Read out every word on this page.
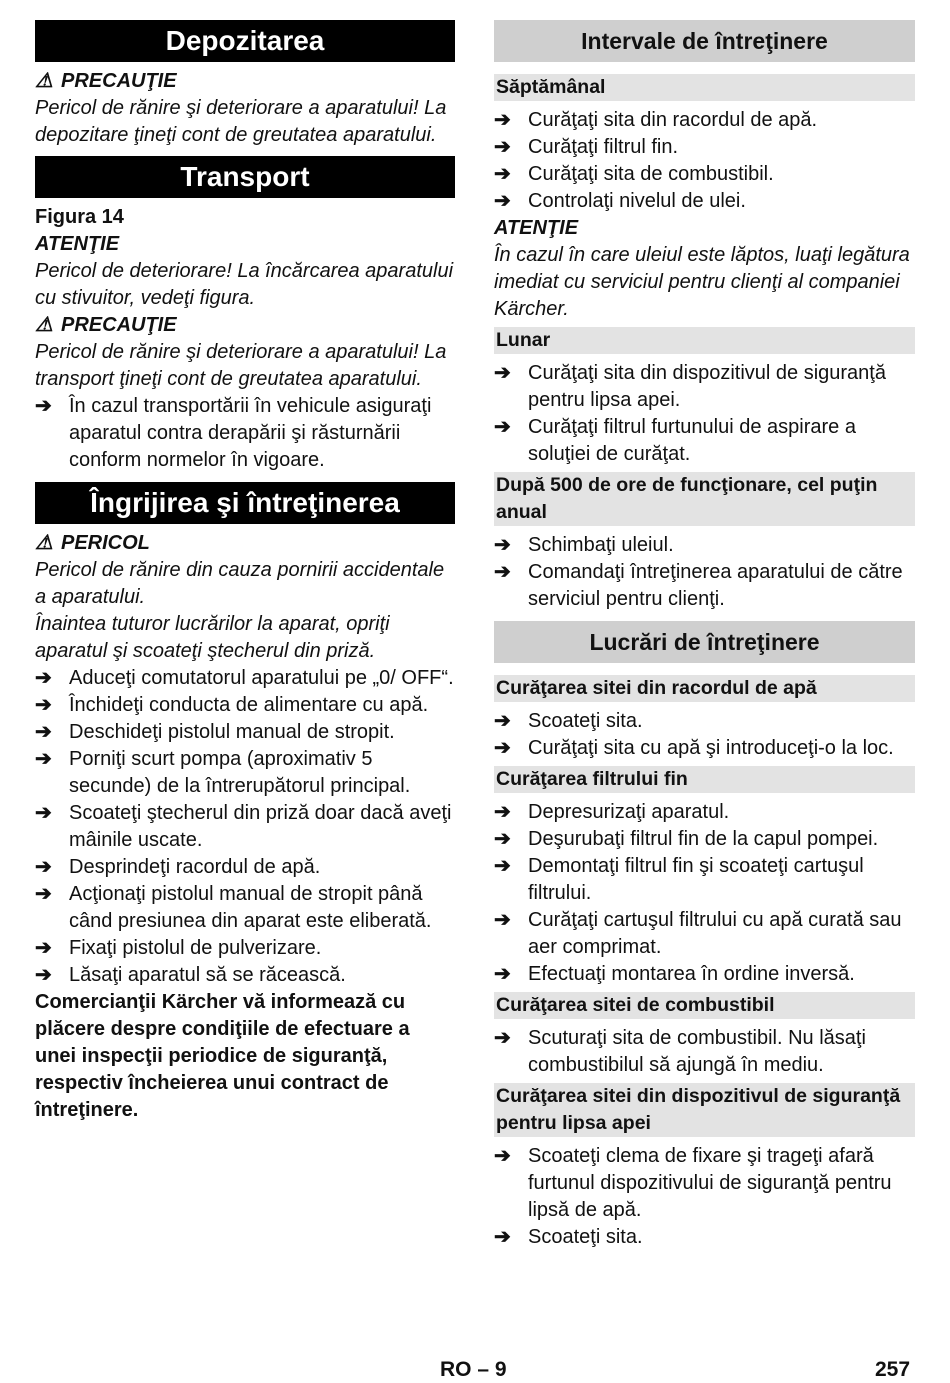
Depozitarea
⚠ PRECAUŢIE

Pericol de rănire şi deteriorare a aparatului! La depozitare ţineţi cont de greutatea aparatului.

Transport

Figura 14

ATENŢIE

Pericol de deteriorare! La încărcarea aparatului cu stivuitor, vedeţi figura.

⚠ PRECAUŢIE

Pericol de rănire şi deteriorare a aparatului! La transport ţineţi cont de greutatea aparatului.

➔ În cazul transportării în vehicule asiguraţi aparatul contra derapării şi răsturnării conform normelor în vigoare.
Îngrijirea şi întreţinerea
⚠ PERICOL

Pericol de rănire din cauza pornirii accidentale a aparatului.

Înaintea tuturor lucrărilor la aparat, opriţi aparatul şi scoateţi ştecherul din priză.

➔ Aduceţi comutatorul aparatului pe „0/ OFF“.
➔ Închideţi conducta de alimentare cu apă.
➔ Deschideţi pistolul manual de stropit.
➔ Porniţi scurt pompa (aproximativ 5 secunde) de la întrerupătorul principal.
➔ Scoateţi ştecherul din priză doar dacă aveţi mâinile uscate.
➔ Desprindeţi racordul de apă.
➔ Acţionaţi pistolul manual de stropit până când presiunea din aparat este eliberată.
➔ Fixaţi pistolul de pulverizare.
➔ Lăsaţi aparatul să se răcească.

Comercianţii Kärcher vă informează cu plăcere despre condiţiile de efectuare a unei inspecţii periodice de siguranţă, respectiv încheierea unui contract de întreţinere.

Intervale de întreţinere
Săptămânal
➔ Curăţaţi sita din racordul de apă.
➔ Curăţaţi filtrul fin.
➔ Curăţaţi sita de combustibil.
➔ Controlaţi nivelul de ulei.

ATENŢIE

În cazul în care uleiul este lăptos, luaţi legătura imediat cu serviciul pentru clienţi al companiei Kärcher.

Lunar
➔ Curăţaţi sita din dispozitivul de siguranţă pentru lipsa apei.
➔ Curăţaţi filtrul furtunului de aspirare a soluţiei de curăţat.
După 500 de ore de funcţionare, cel puţin anual
➔ Schimbaţi uleiul.
➔ Comandaţi întreţinerea aparatului de către serviciul pentru clienţi.
Lucrări de întreţinere
Curăţarea sitei din racordul de apă
➔ Scoateţi sita.
➔ Curăţaţi sita cu apă şi introduceţi-o la loc.
Curăţarea filtrului fin
➔ Depresurizaţi aparatul.
➔ Deşurubaţi filtrul fin de la capul pompei.
➔ Demontaţi filtrul fin şi scoateţi cartuşul filtrului.
➔ Curăţaţi cartuşul filtrului cu apă curată sau aer comprimat.
➔ Efectuaţi montarea în ordine inversă.
Curăţarea sitei de combustibil
➔ Scuturaţi sita de combustibil. Nu lăsaţi combustibilul să ajungă în mediu.
Curăţarea sitei din dispozitivul de siguranţă pentru lipsa apei
➔ Scoateţi clema de fixare şi trageţi afară furtunul dispozitivului de siguranţă pentru lipsă de apă.
➔ Scoateţi sita.
RO – 9	257
